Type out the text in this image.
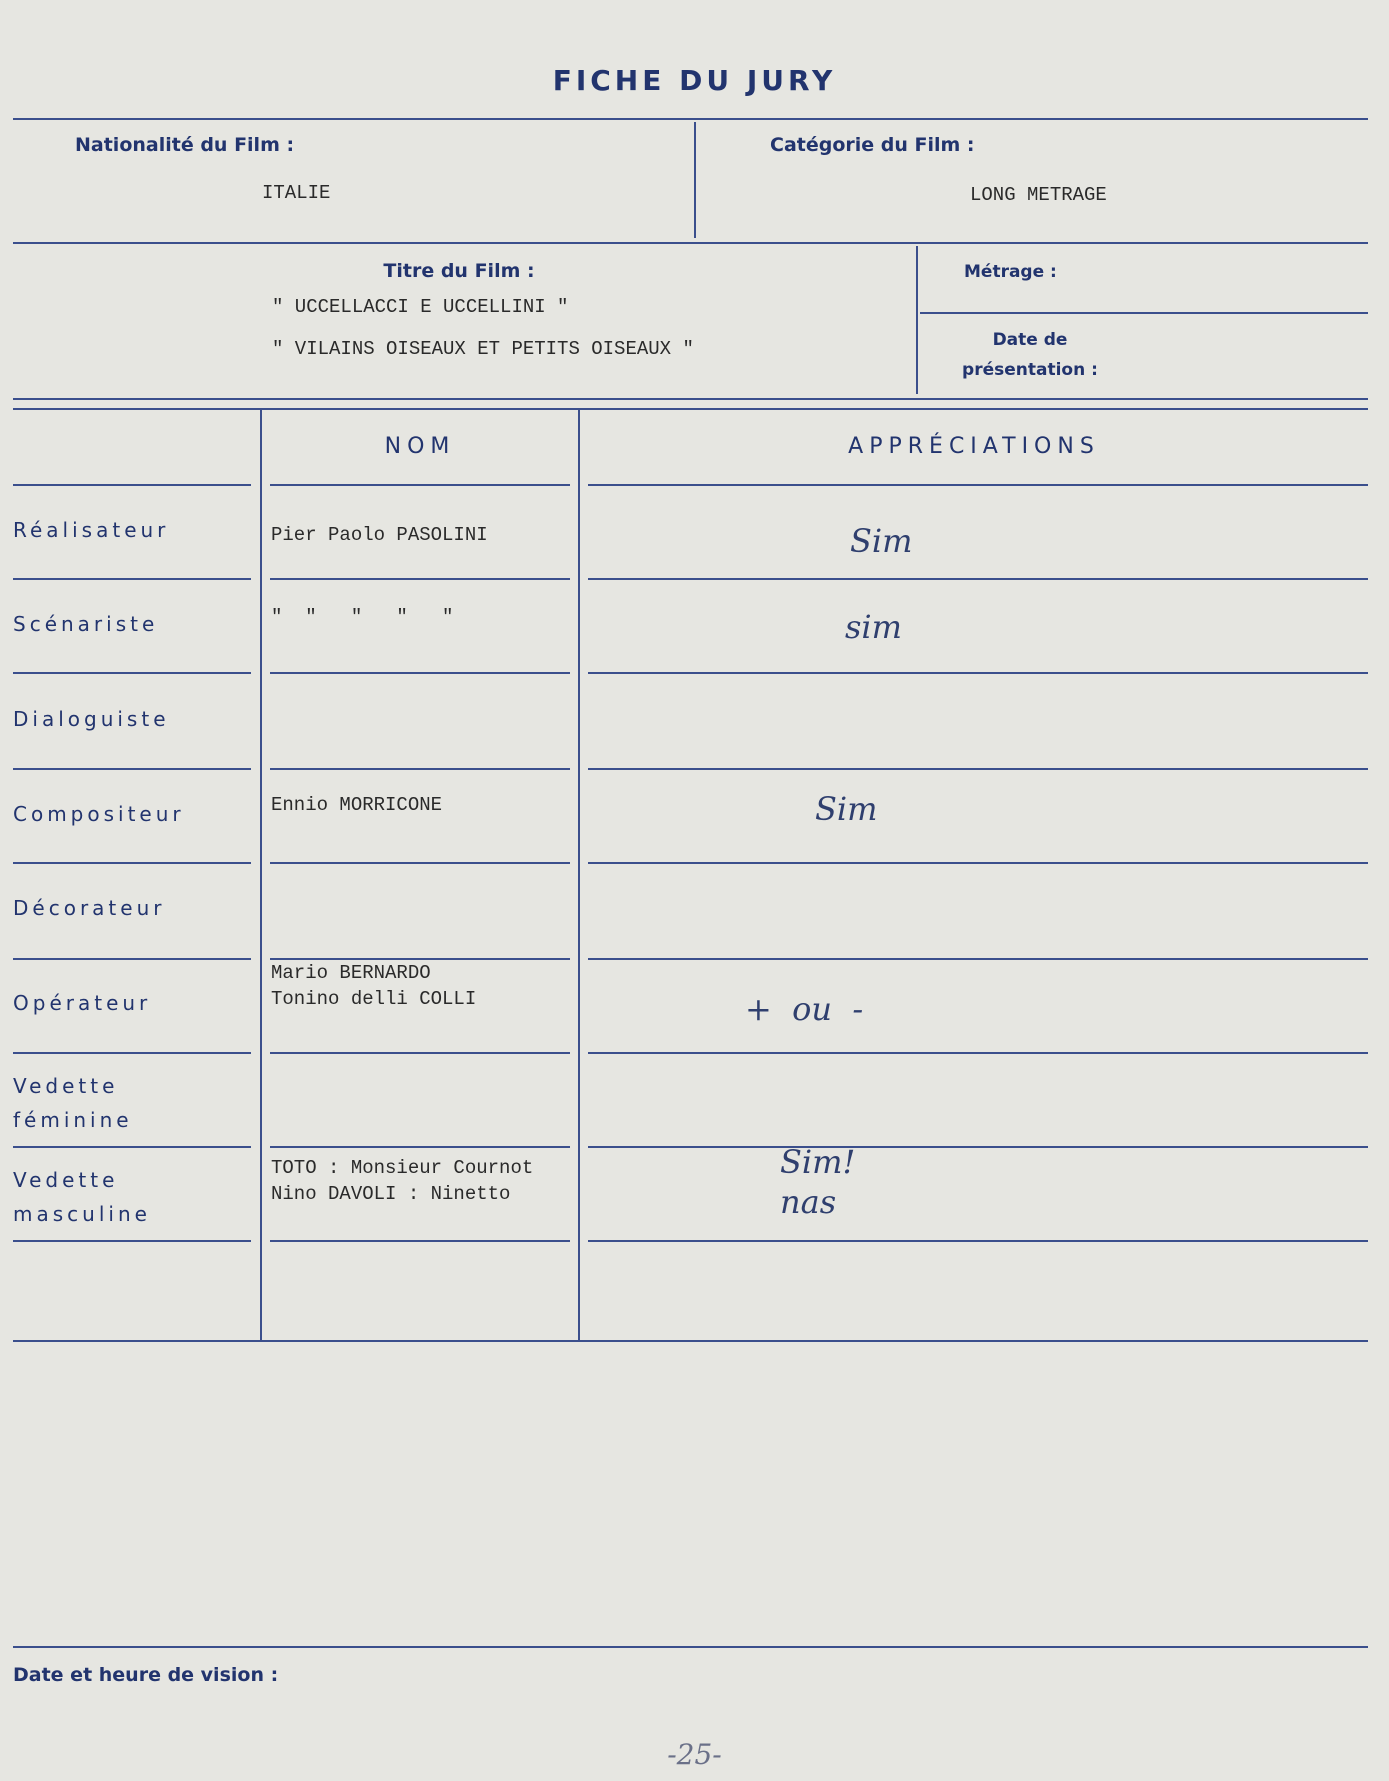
FICHE DU JURY
Nationalité du Film :
ITALIE
Catégorie du Film :
LONG METRAGE
Titre du Film :
" UCCELLACCI E UCCELLINI "
" VILAINS OISEAUX ET PETITS OISEAUX "
Métrage :
Date de
présentation :
NOM	APPRÉCIATIONS
Réalisateur
Scénariste
Dialoguiste
Compositeur
Décorateur
Opérateur
Vedette
féminine
Vedette
masculine
Pier Paolo PASOLINI
"  "   "   "   "
Ennio MORRICONE
Mario BERNARDO
Tonino delli COLLI
TOTO : Monsieur Cournot
Nino DAVOLI : Ninetto
Sim
sim
Sim
+  ou  -
Sim!
nas
Date et heure de vision :
-25-
